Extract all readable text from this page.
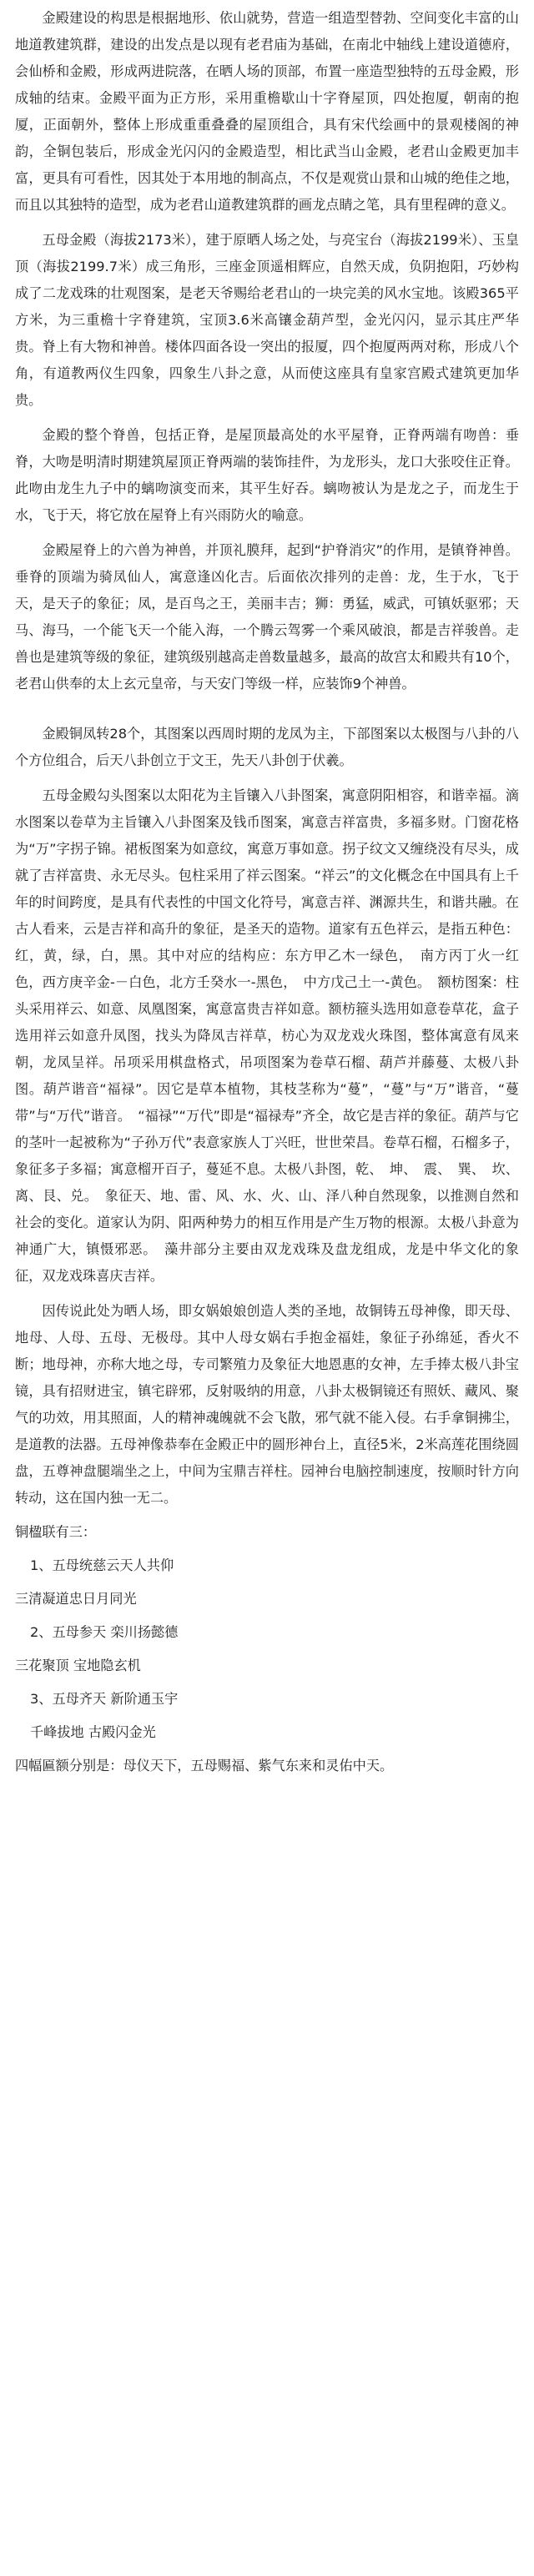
金殿建设的构思是根据地形、依山就势，营造一组造型替勃、空间变化丰富的山地道教建筑群，建设的出发点是以现有老君庙为基础，在南北中轴线上建设道德府，会仙桥和金殿，形成两进院落，在晒人场的顶部，布置一座造型独特的五母金殿，形成轴的结束。金殿平面为正方形，采用重檐歇山十字脊屋顶，四处抱厦，朝南的抱厦，正面朝外，整体上形成重重叠叠的屋顶组合，具有宋代绘画中的景观楼阁的神韵，全铜包装后，形成金光闪闪的金殿造型，相比武当山金殿，老君山金殿更加丰富，更具有可看性，因其处于本用地的制高点，不仅是观赏山景和山城的绝佳之地，而且以其独特的造型，成为老君山道教建筑群的画龙点睛之笔，具有里程碑的意义。

五母金殿（海拔2173米），建于原晒人场之处，与亮宝台（海拔2199米）、玉皇顶（海拔2199.7米）成三角形，三座金顶遥相辉应，自然天成，负阴抱阳，巧妙构成了二龙戏珠的壮观图案，是老天爷赐给老君山的一块完美的风水宝地。该殿365平方米，为三重檐十字脊建筑，宝顶3.6米高镶金葫芦型，金光闪闪，显示其庄严华贵。脊上有大物和神兽。楼体四面各设一突出的报厦，四个抱厦两两对称，形成八个角，有道教两仪生四象，四象生八卦之意，从而使这座具有皇家宫殿式建筑更加华贵。

金殿的整个脊兽，包括正脊，是屋顶最高处的水平屋脊，正脊两端有吻兽：垂脊，大吻是明清时期建筑屋顶正脊两端的装饰挂件，为龙形头，龙口大张咬住正脊。此吻由龙生九子中的螭吻演变而来，其平生好吞。螭吻被认为是龙之子，而龙生于水，飞于天，将它放在屋脊上有兴雨防火的喻意。

金殿屋脊上的六兽为神兽，并顶礼膜拜，起到“护脊消灾”的作用，是镇脊神兽。垂脊的顶端为骑凤仙人，寓意逢凶化吉。后面依次排列的走兽：龙，生于水，飞于天，是天子的象征；凤，是百鸟之王，美丽丰吉；狮：勇猛，威武，可镇妖驱邪；天马、海马，一个能飞天一个能入海，一个腾云驾雾一个乘风破浪，都是吉祥骏兽。走兽也是建筑等级的象征，建筑级别越高走兽数量越多，最高的故宫太和殿共有10个，老君山供奉的太上玄元皇帝，与天安门等级一样，应装饰9个神兽。

金殿铜凤转28个，其图案以西周时期的龙凤为主，下部图案以太极图与八卦的八个方位组合，后天八卦创立于文王，先天八卦创于伏羲。

五母金殿勾头图案以太阳花为主旨镶入八卦图案，寓意阴阳相容，和谐幸福。滴水图案以卷草为主旨镶入八卦图案及钱币图案，寓意吉祥富贵，多福多财。门窗花格为“万”字拐子锦。裙板图案为如意纹，寓意万事如意。拐子纹文又缠绕没有尽头，成就了吉祥富贵、永无尽头。包柱采用了祥云图案。“祥云”的文化概念在中国具有上千年的时间跨度，是具有代表性的中国文化符号，寓意吉祥、渊源共生，和谐共融。在古人看来，云是吉祥和高升的象征，是圣天的造物。道家有五色祥云，是指五种色：红，黄，绿，白，黑。其中对应的结构应：东方甲乙木一绿色，　南方丙丁火一红色，西方庚辛金-－白色，北方壬癸水一-黑色，　中方戊己土一-黄色。　额枋图案：柱头采用祥云、如意、凤凰图案，寓意富贵吉祥如意。额枋箍头选用如意卷草花，盒子选用祥云如意升凤图，找头为降凤吉祥草，枋心为双龙戏火珠图，整体寓意有凤来朝，龙凤呈祥。吊项采用棋盘格式，吊项图案为卷草石榴、葫芦并藤蔓、太极八卦图。葫芦谐音“福禄”。因它是草本植物，其枝茎称为“蔓”，“蔓”与“万”谐音，“蔓带”与“万代”谐音。　“福禄”“万代”即是“福禄寿”齐全，故它是吉祥的象征。葫芦与它的茎叶一起被称为“子孙万代”表意家族人丁兴旺，世世荣昌。卷草石榴，石榴多子，象征多子多福；寓意榴开百子，蔓延不息。太极八卦图，乾、　坤、　震、　巽、　坎、离、艮、兑。　象征天、地、雷、风、水、火、山、泽八种自然现象，以推测自然和社会的变化。道家认为阴、阳两种势力的相互作用是产生万物的根源。太极八卦意为神通广大，镇慑邪恶。　藻井部分主要由双龙戏珠及盘龙组成，龙是中华文化的象征，双龙戏珠喜庆吉祥。

因传说此处为晒人场，即女娲娘娘创造人类的圣地，故铜铸五母神像，即天母、地母、人母、五母、无极母。其中人母女娲右手抱金福娃，象征子孙绵延，香火不断；地母神，亦称大地之母，专司繁殖力及象征大地恩惠的女神，左手捧太极八卦宝镜，具有招财进宝，镇宅辟邪，反射吸纳的用意，八卦太极铜镜还有照妖、藏风、聚气的功效，用其照面，人的精神魂魄就不会飞散，邪气就不能入侵。右手拿铜拂尘，是道教的法器。五母神像恭奉在金殿正中的圆形神台上，直径5米，2米高莲花围绕圆盘，五尊神盘腿端坐之上，中间为宝鼎吉祥柱。园神台电脑控制速度，按顺时针方向转动，这在国内独一无二。

铜楹联有三：

1、五母统慈云天人共仰

三清凝道忠日月同光

2、五母参天 栾川扬懿德

三花聚顶 宝地隐玄机

3、五母齐天 新阶通玉宇

千峰拔地 古殿闪金光

四幅匾额分别是：母仪天下，五母赐福、紫气东来和灵佑中天。
